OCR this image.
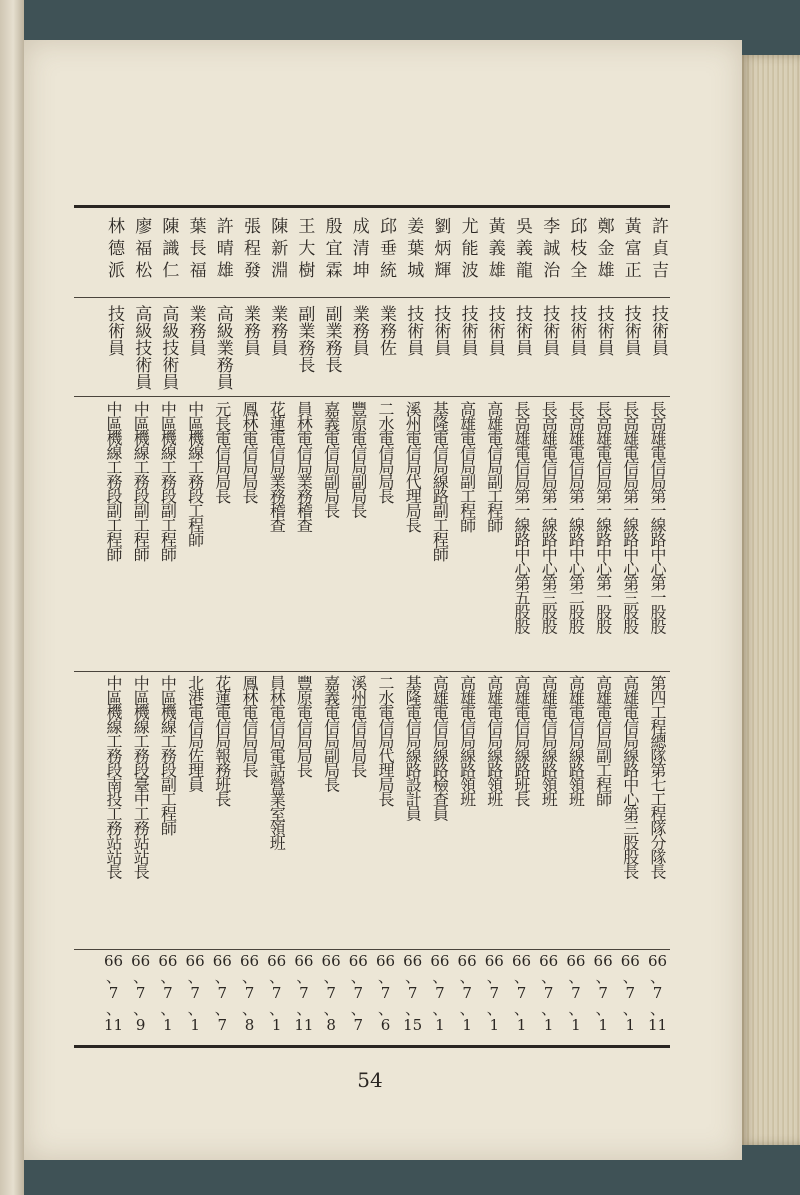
許貞吉
技術員
長高雄電信局第一線路中心第一股股
第四工程總隊第七工程隊分隊長
66
、
7
、
11
黃富正
技術員
長高雄電信局第一線路中心第三股股
高雄電信局線路中心第三股股長
66
、
7
、
1
鄭金雄
技術員
長高雄電信局第一線路中心第一股股
高雄電信局副工程師
66
、
7
、
1
邱枝全
技術員
長高雄電信局第一線路中心第二股股
高雄電信局線路領班
66
、
7
、
1
李誠治
技術員
長高雄電信局第一線路中心第三股股
高雄電信局線路領班
66
、
7
、
1
吳義龍
技術員
長高雄電信局第一線路中心第五股股
高雄電信局線路班長
66
、
7
、
1
黃義雄
技術員
高雄電信局副工程師
高雄電信局線路領班
66
、
7
、
1
尤能波
技術員
高雄電信局副工程師
高雄電信局線路領班
66
、
7
、
1
劉炳輝
技術員
基隆電信局線路副工程師
高雄電信局線路檢查員
66
、
7
、
1
姜葉城
技術員
溪州電信局代理局長
基隆電信局線路設計員
66
、
7
、
15
邱垂統
業務佐
二水電信局局長
二水電信局代理局長
66
、
7
、
6
成清坤
業務員
豐原電信局副局長
溪州電信局局長
66
、
7
、
7
殷宜霖
副業務長
嘉義電信局副局長
嘉義電信局副局長
66
、
7
、
8
王大樹
副業務長
員林電信局業務稽查
豐原電信局局長
66
、
7
、
11
陳新淵
業務員
花蓮電信局業務稽查
員林電信局電話營業室領班
66
、
7
、
1
張程發
業務員
鳳林電信局局長
鳳林電信局局長
66
、
7
、
8
許晴雄
高級業務員
元長電信局局長
花蓮電信局報務班長
66
、
7
、
7
葉長福
業務員
中區機線工務段工程師
北港電信局佐理員
66
、
7
、
1
陳識仁
高級技術員
中區機線工務段副工程師
中區機線工務段副工程師
66
、
7
、
1
廖福松
高級技術員
中區機線工務段副工程師
中區機線工務段臺中工務站站長
66
、
7
、
9
林德派
技術員
中區機線工務段副工程師
中區機線工務段南投工務站站長
66
、
7
、
11
54
